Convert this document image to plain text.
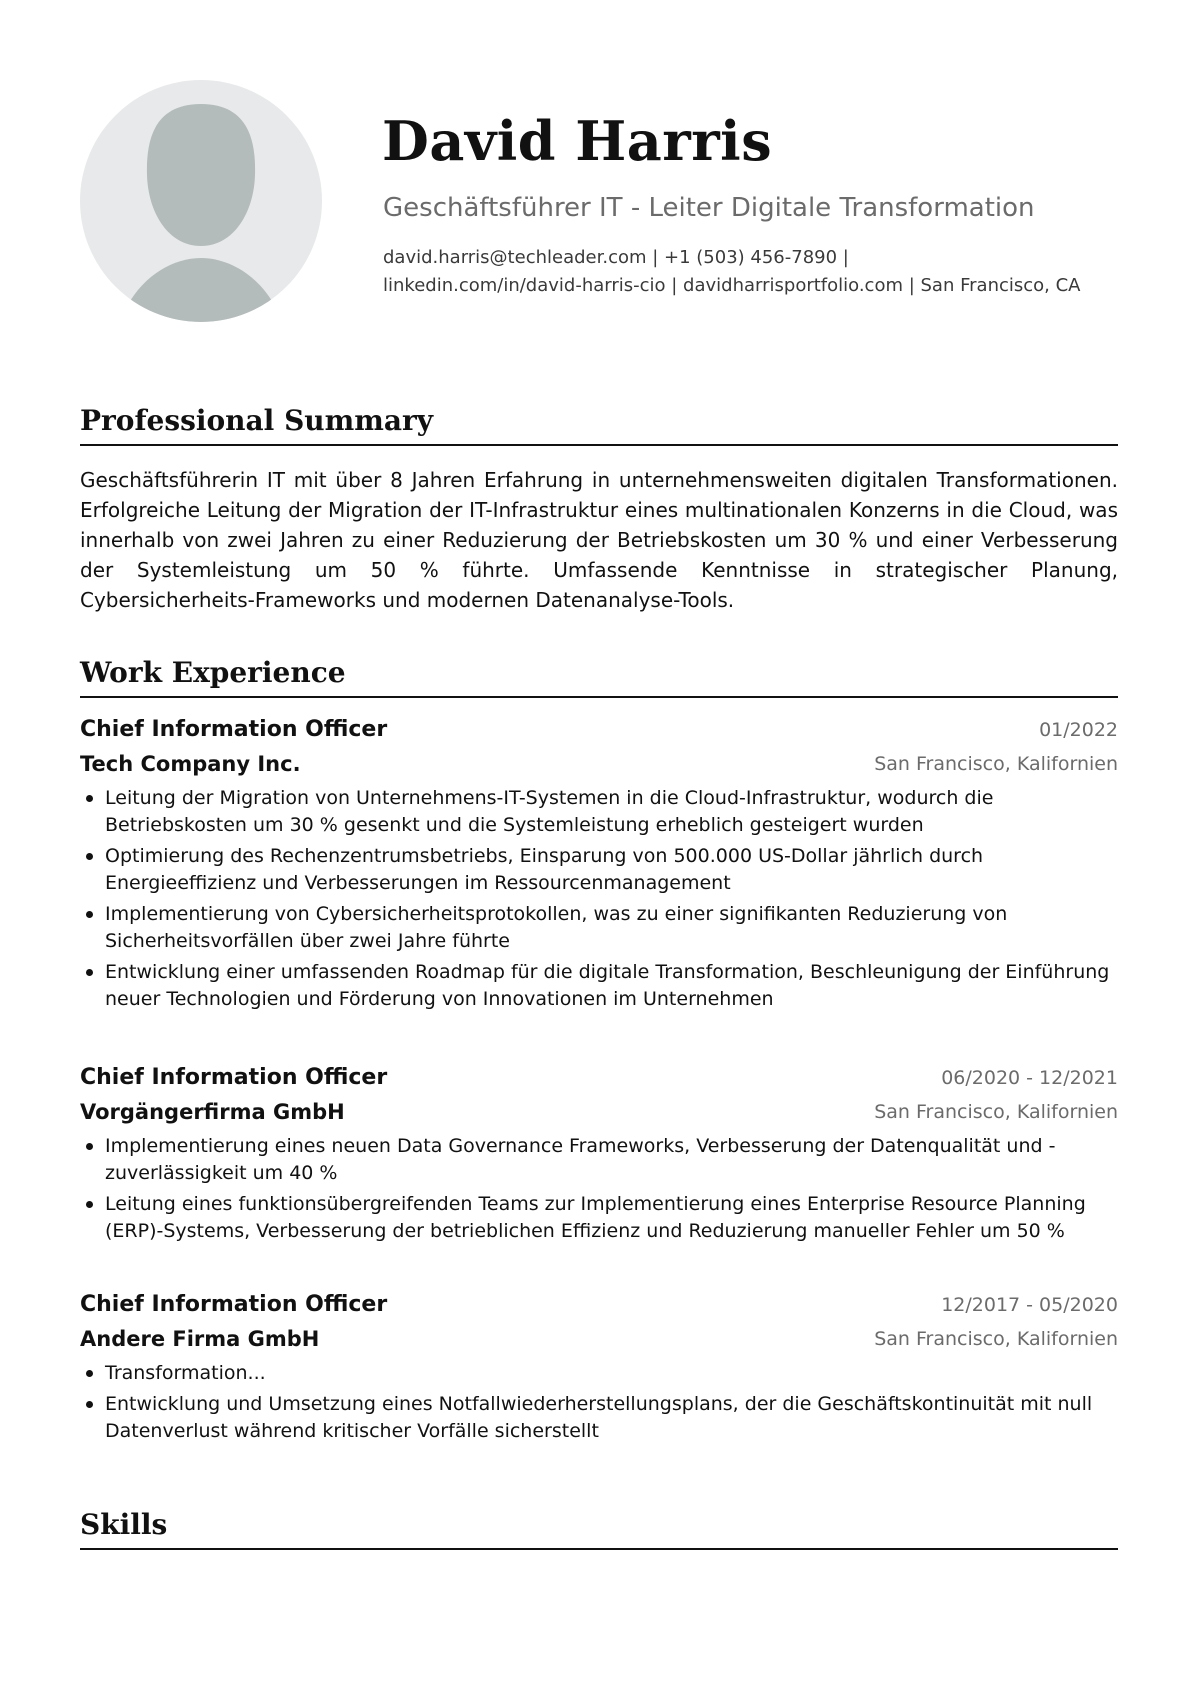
David Harris
Geschäftsführer IT - Leiter Digitale Transformation
david.harris@techleader.com | +1 (503) 456-7890 |
linkedin.com/in/david-harris-cio | davidharrisportfolio.com | San Francisco, CA
Professional Summary
Geschäftsführerin IT mit über 8 Jahren Erfahrung in unternehmensweiten digitalen Transformationen. Erfolgreiche Leitung der Migration der IT-Infrastruktur eines multinationalen Konzerns in die Cloud, was innerhalb von zwei Jahren zu einer Reduzierung der Betriebskosten um 30 % und einer Verbesserung der Systemleistung um 50 % führte. Umfassende Kenntnisse in strategischer Planung, Cybersicherheits-Frameworks und modernen Datenanalyse-Tools.
Work Experience
Chief Information Officer	01/2022
Tech Company Inc.	San Francisco, Kalifornien
Leitung der Migration von Unternehmens-IT-Systemen in die Cloud-Infrastruktur, wodurch die Betriebskosten um 30 % gesenkt und die Systemleistung erheblich gesteigert wurden
Optimierung des Rechenzentrumsbetriebs, Einsparung von 500.000 US-Dollar jährlich durch Energieeffizienz und Verbesserungen im Ressourcenmanagement
Implementierung von Cybersicherheitsprotokollen, was zu einer signifikanten Reduzierung von Sicherheitsvorfällen über zwei Jahre führte
Entwicklung einer umfassenden Roadmap für die digitale Transformation, Beschleunigung der Einführung neuer Technologien und Förderung von Innovationen im Unternehmen
Chief Information Officer	06/2020 - 12/2021
Vorgängerfirma GmbH	San Francisco, Kalifornien
Implementierung eines neuen Data Governance Frameworks, Verbesserung der Datenqualität und -zuverlässigkeit um 40 %
Leitung eines funktionsübergreifenden Teams zur Implementierung eines Enterprise Resource Planning (ERP)-Systems, Verbesserung der betrieblichen Effizienz und Reduzierung manueller Fehler um 50 %
Chief Information Officer	12/2017 - 05/2020
Andere Firma GmbH	San Francisco, Kalifornien
Transformation...
Entwicklung und Umsetzung eines Notfallwiederherstellungsplans, der die Geschäftskontinuität mit null Datenverlust während kritischer Vorfälle sicherstellt
Skills
